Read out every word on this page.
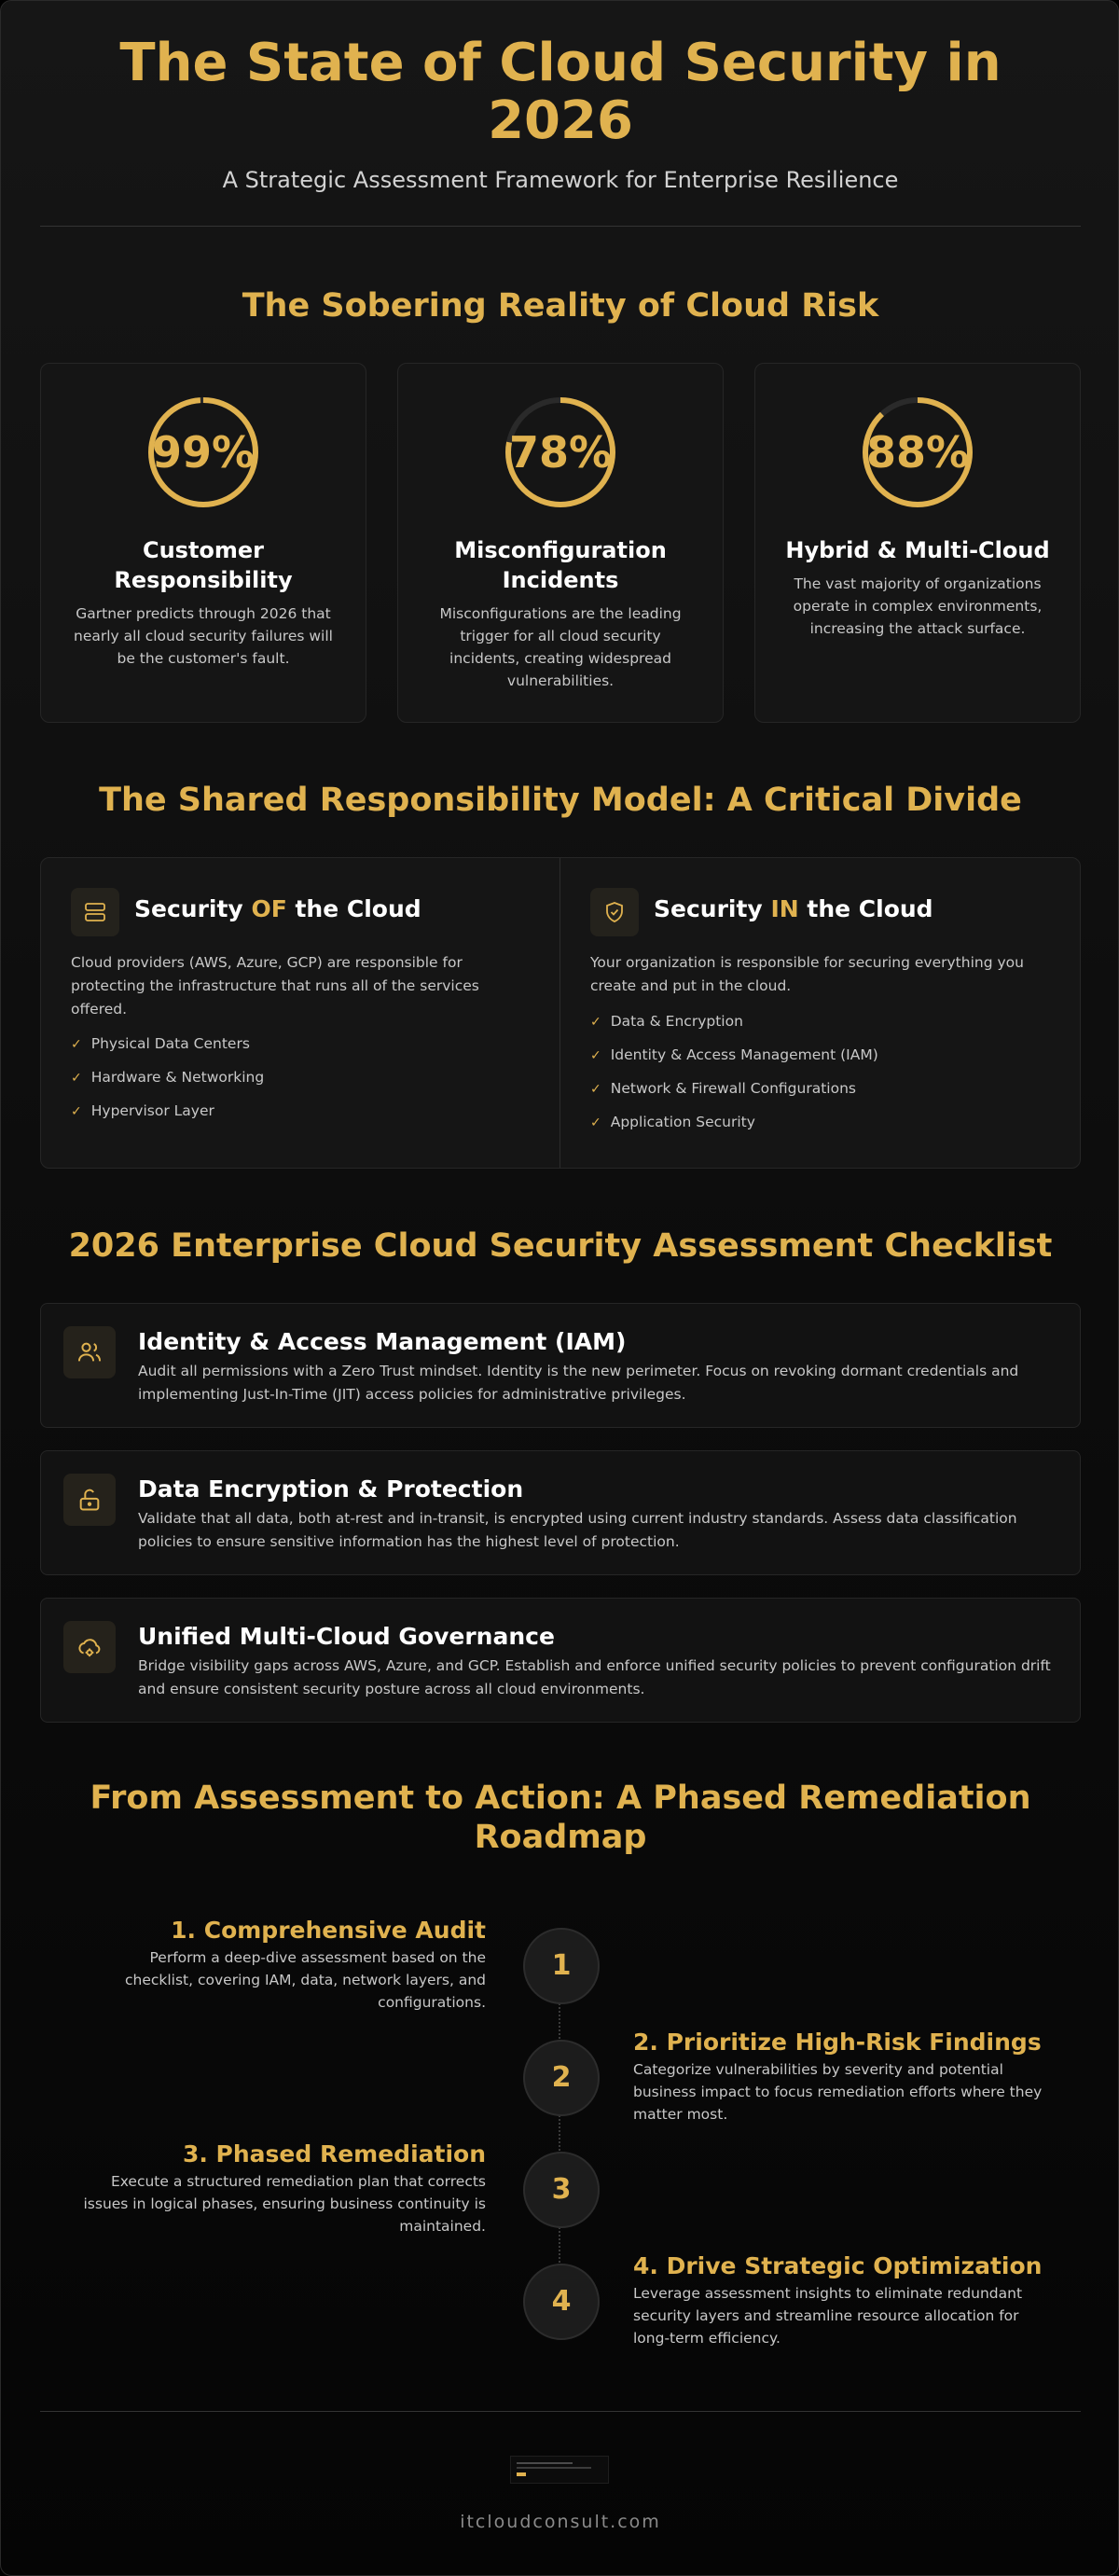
The State of Cloud Security in 2026
A Strategic Assessment Framework for Enterprise Resilience
The Sobering Reality of Cloud Risk
99%
Customer Responsibility
Gartner predicts through 2026 that nearly all cloud security failures will be the customer's fault.
78%
Misconfiguration Incidents
Misconfigurations are the leading trigger for all cloud security incidents, creating widespread vulnerabilities.
88%
Hybrid & Multi-Cloud
The vast majority of organizations operate in complex environments, increasing the attack surface.
The Shared Responsibility Model: A Critical Divide
Security OF the Cloud
Cloud providers (AWS, Azure, GCP) are responsible for protecting the infrastructure that runs all of the services offered.
✓ Physical Data Centers
✓ Hardware & Networking
✓ Hypervisor Layer
Security IN the Cloud
Your organization is responsible for securing everything you create and put in the cloud.
✓ Data & Encryption
✓ Identity & Access Management (IAM)
✓ Network & Firewall Configurations
✓ Application Security
2026 Enterprise Cloud Security Assessment Checklist
Identity & Access Management (IAM)
Audit all permissions with a Zero Trust mindset. Identity is the new perimeter. Focus on revoking dormant credentials and implementing Just-In-Time (JIT) access policies for administrative privileges.
Data Encryption & Protection
Validate that all data, both at-rest and in-transit, is encrypted using current industry standards. Assess data classification policies to ensure sensitive information has the highest level of protection.
Unified Multi-Cloud Governance
Bridge visibility gaps across AWS, Azure, and GCP. Establish and enforce unified security policies to prevent configuration drift and ensure consistent security posture across all cloud environments.
From Assessment to Action: A Phased Remediation Roadmap
1
1. Comprehensive Audit
Perform a deep-dive assessment based on the checklist, covering IAM, data, network layers, and configurations.
2
2. Prioritize High-Risk Findings
Categorize vulnerabilities by severity and potential business impact to focus remediation efforts where they matter most.
3
3. Phased Remediation
Execute a structured remediation plan that corrects issues in logical phases, ensuring business continuity is maintained.
4
4. Drive Strategic Optimization
Leverage assessment insights to eliminate redundant security layers and streamline resource allocation for long-term efficiency.
itcloudconsult.com
